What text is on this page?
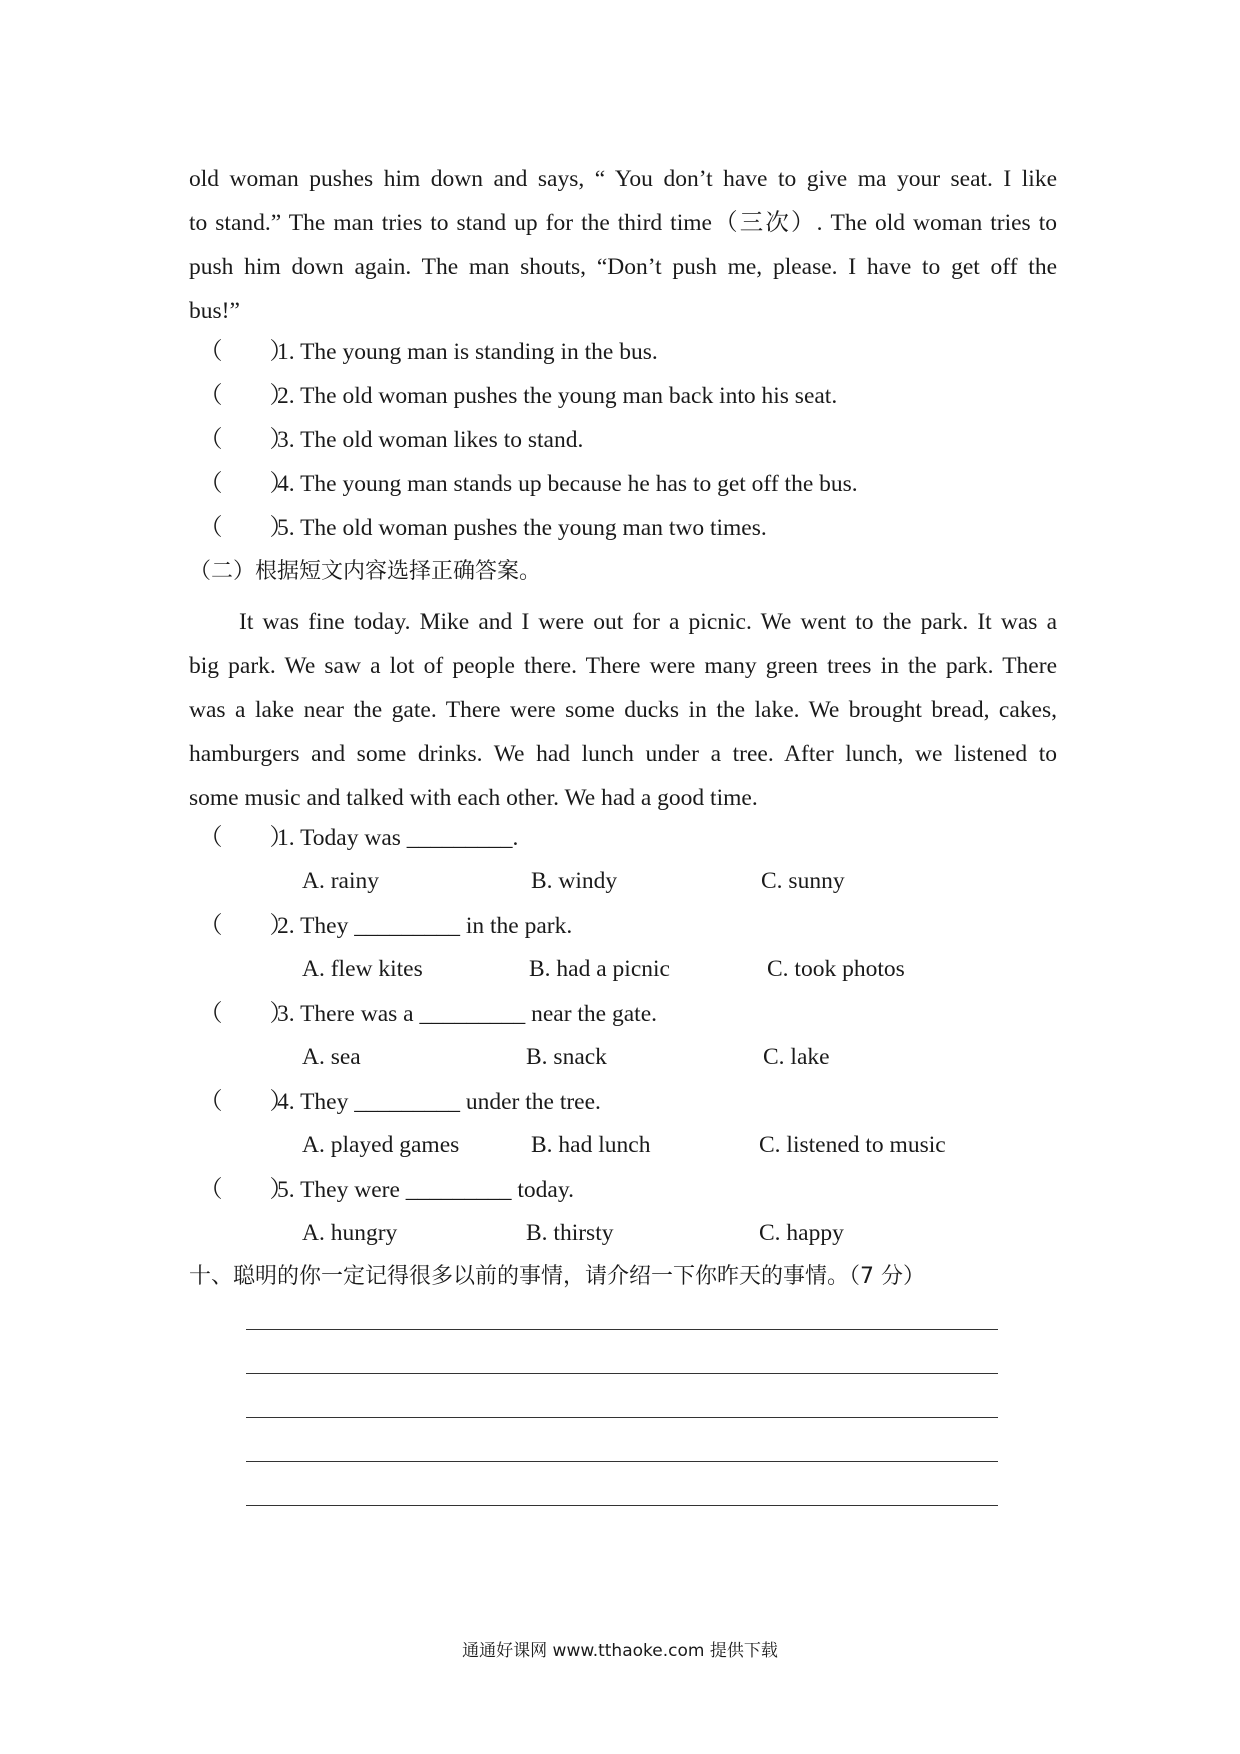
old woman pushes him down and says, “ You don’t have to give ma your seat. I like

to stand.” The man tries to stand up for the third time（三次）. The old woman tries to

push him down again. The man shouts, “Don’t push me, please. I have to get off the

bus!”

（　　）1. The young man is standing in the bus.
（　　）2. The old woman pushes the young man back into his seat.
（　　）3. The old woman likes to stand.
（　　）4. The young man stands up because he has to get off the bus.
（　　）5. The old woman pushes the young man two times.
（二）根据短文内容选择正确答案。

It was fine today. Mike and I were out for a picnic. We went to the park. It was a

big park. We saw a lot of people there. There were many green trees in the park. There

was a lake near the gate. There were some ducks in the lake. We brought bread, cakes,

hamburgers and some drinks. We had lunch under a tree. After lunch, we listened to

some music and talked with each other. We had a good time.

（　　）1. Today was _________.
A. rainy	B. windy	C. sunny
（　　）2. They _________ in the park.
A. flew kites	B. had a picnic	C. took photos
（　　）3. There was a _________ near the gate.
A. sea	B. snack	C. lake
（　　）4. They _________ under the tree.
A. played games	B. had lunch	C. listened to music
（　　）5. They were _________ today.
A. hungry	B. thirsty	C. happy
十、聪明的你一定记得很多以前的事情，请介绍一下你昨天的事情。（7 分）
通通好课网 www.tthaoke.com 提供下载
